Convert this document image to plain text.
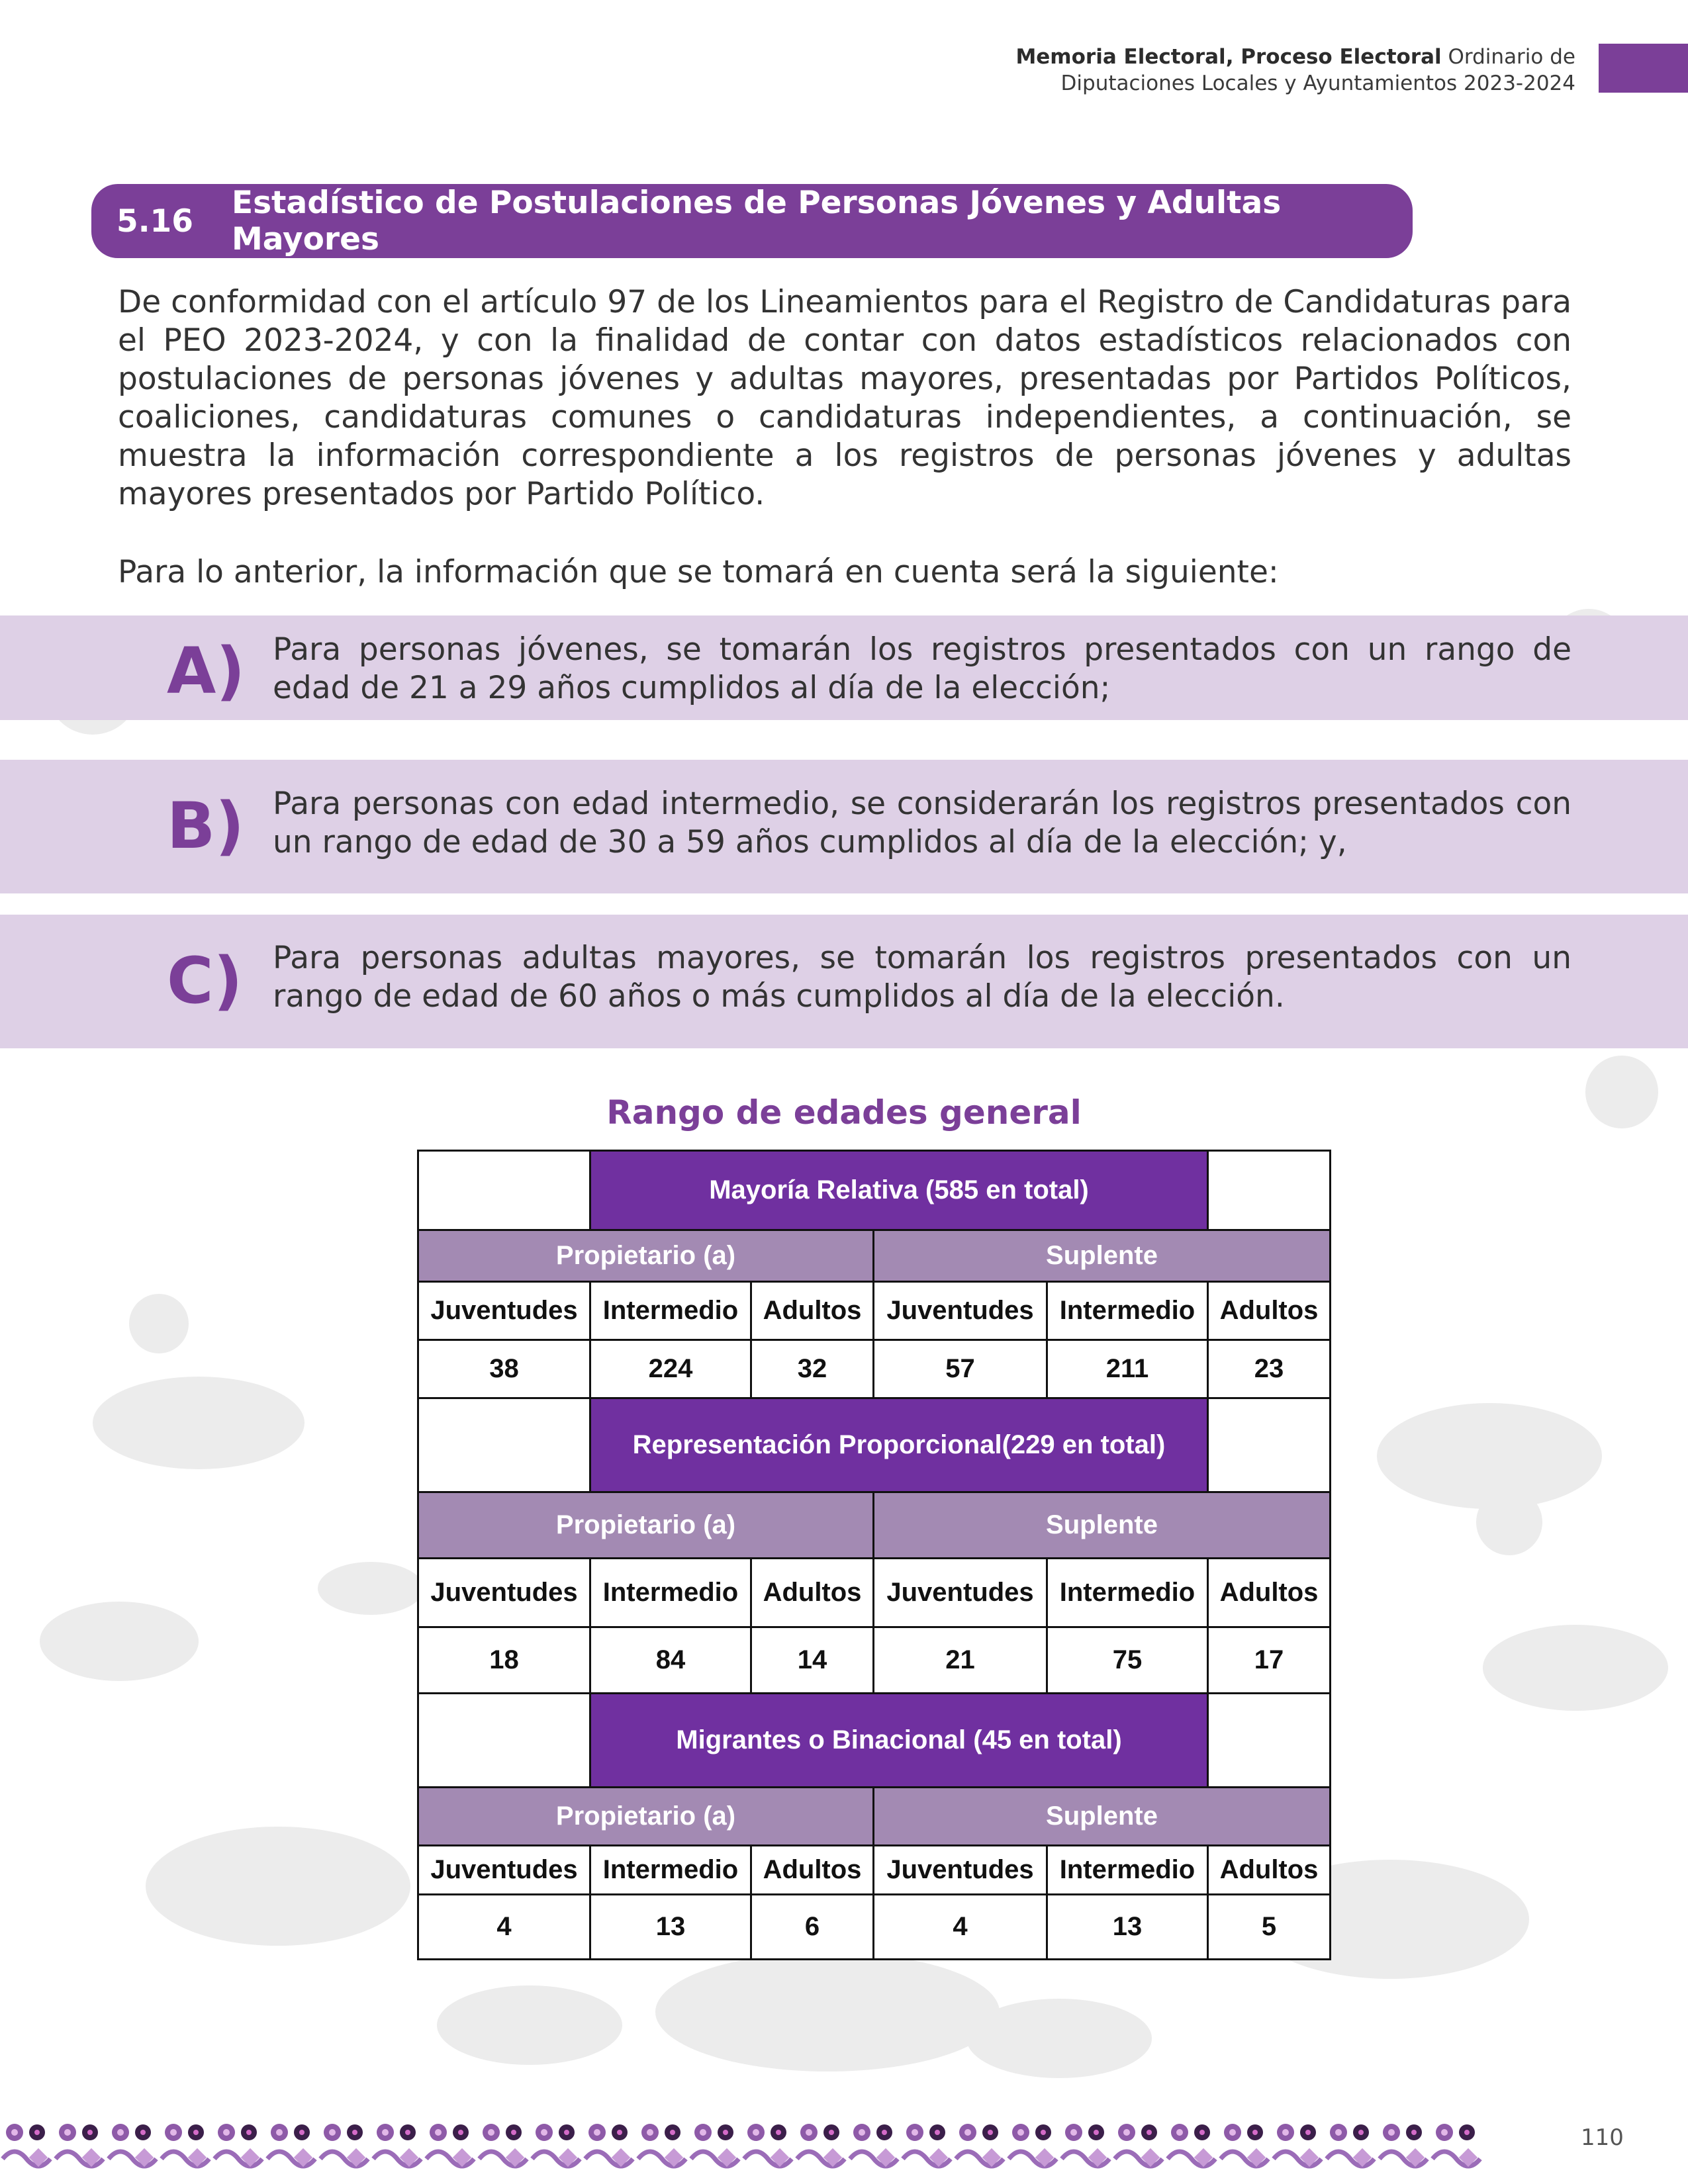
Memoria Electoral, Proceso Electoral Ordinario de
Diputaciones Locales y Ayuntamientos 2023-2024
5.16 Estadístico de Postulaciones de Personas Jóvenes y Adultas Mayores
De conformidad con el artículo 97 de los Lineamientos para el Registro de Candidaturas para el PEO 2023-2024, y con la finalidad de contar con datos estadísticos relacionados con postulaciones de personas jóvenes y adultas mayores, presentadas por Partidos Políticos, coaliciones, candidaturas comunes o candidaturas independientes, a continuación, se muestra la información correspondiente a los registros de personas jóvenes y adultas mayores presentados por Partido Político.
Para lo anterior, la información que se tomará en cuenta será la siguiente:
A) Para personas jóvenes, se tomarán los registros presentados con un rango de edad de 21 a 29 años cumplidos al día de la elección;
B) Para personas con edad intermedio, se considerarán los registros presentados con un rango de edad de 30 a 59 años cumplidos al día de la elección; y,
C) Para personas adultas mayores, se tomarán los registros presentados con un rango de edad de 60 años o más cumplidos al día de la elección.
Rango de edades general
	Mayoría Relativa (585 en total)				
Propietario (a)			Suplente		
Juventudes	Intermedio	Adultos	Juventudes	Intermedio	Adultos
38	224	32	57	211	23
	Representación Proporcional(229 en total)				
Propietario (a)			Suplente		
Juventudes	Intermedio	Adultos	Juventudes	Intermedio	Adultos
18	84	14	21	75	17
	Migrantes o Binacional (45 en total)				
Propietario (a)			Suplente		
Juventudes	Intermedio	Adultos	Juventudes	Intermedio	Adultos
4	13	6	4	13	5
110
